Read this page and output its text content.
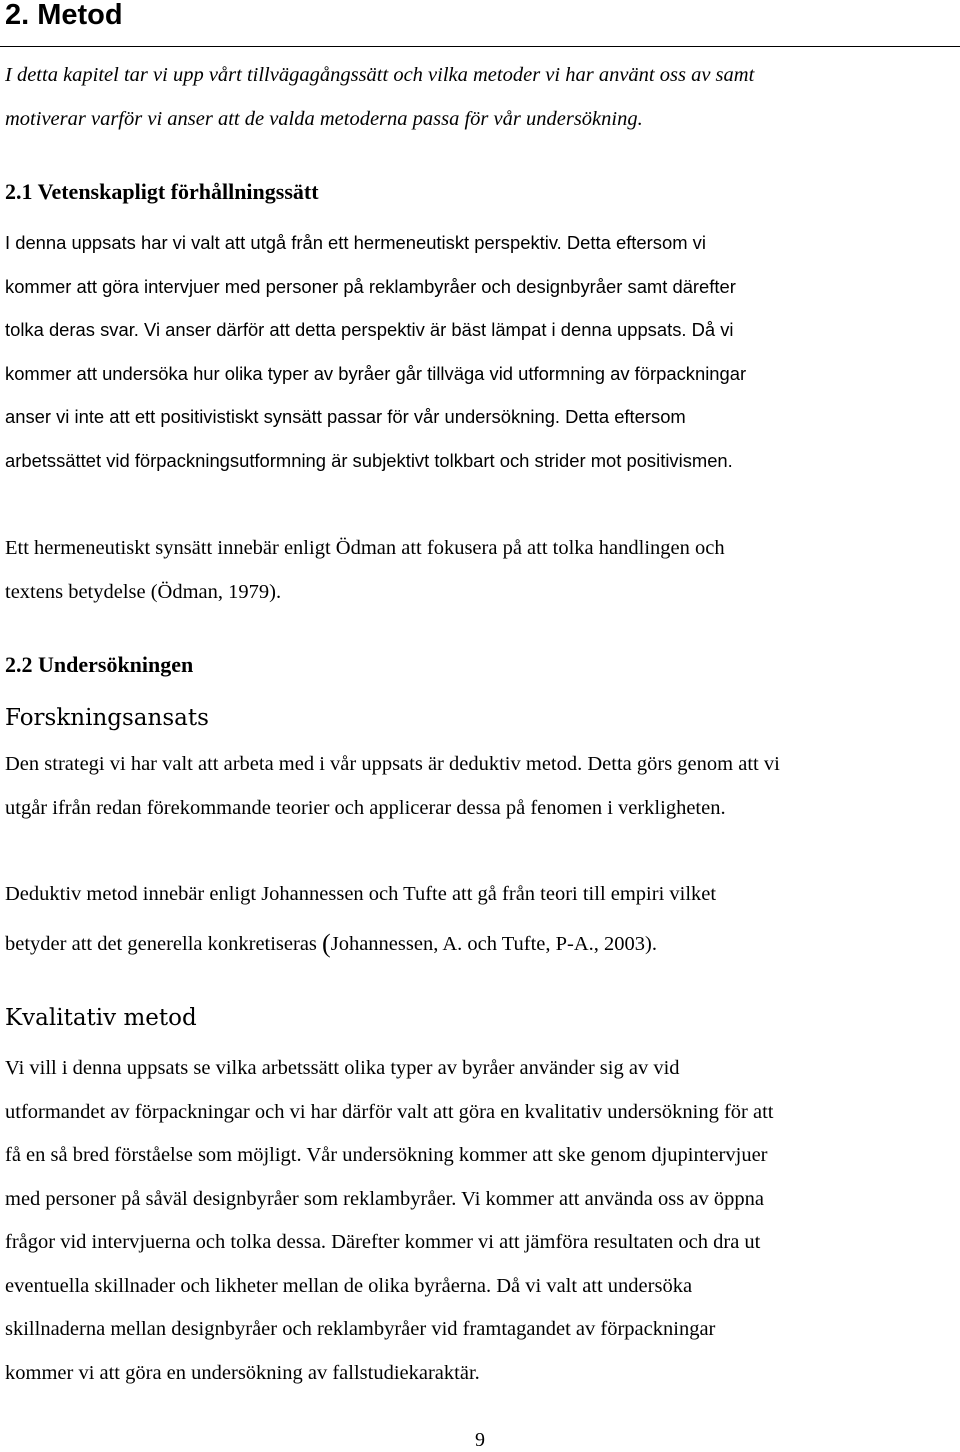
2. Metod
I detta kapitel tar vi upp vårt tillvägagångssätt och vilka metoder vi har använt oss av samt
motiverar varför vi anser att de valda metoderna passa för vår undersökning.
2.1 Vetenskapligt förhållningssätt
I denna uppsats har vi valt att utgå från ett hermeneutiskt perspektiv. Detta eftersom vi
kommer att göra intervjuer med personer på reklambyråer och designbyråer samt därefter
tolka deras svar. Vi anser därför att detta perspektiv är bäst lämpat i denna uppsats. Då vi
kommer att undersöka hur olika typer av byråer går tillväga vid utformning av förpackningar
anser vi inte att ett positivistiskt synsätt passar för vår undersökning. Detta eftersom
arbetssättet vid förpackningsutformning är subjektivt tolkbart och strider mot positivismen.
Ett hermeneutiskt synsätt innebär enligt Ödman att fokusera på att tolka handlingen och
textens betydelse (Ödman, 1979).
2.2 Undersökningen
Forskningsansats
Den strategi vi har valt att arbeta med i vår uppsats är deduktiv metod. Detta görs genom att vi
utgår ifrån redan förekommande teorier och applicerar dessa på fenomen i verkligheten.
Deduktiv metod innebär enligt Johannessen och Tufte att gå från teori till empiri vilket
betyder att det generella konkretiseras (Johannessen, A. och Tufte, P-A., 2003).
Kvalitativ metod
Vi vill i denna uppsats se vilka arbetssätt olika typer av byråer använder sig av vid
utformandet av förpackningar och vi har därför valt att göra en kvalitativ undersökning för att
få en så bred förståelse som möjligt. Vår undersökning kommer att ske genom djupintervjuer
med personer på såväl designbyråer som reklambyråer. Vi kommer att använda oss av öppna
frågor vid intervjuerna och tolka dessa. Därefter kommer vi att jämföra resultaten och dra ut
eventuella skillnader och likheter mellan de olika byråerna. Då vi valt att undersöka
skillnaderna mellan designbyråer och reklambyråer vid framtagandet av förpackningar
kommer vi att göra en undersökning av fallstudiekaraktär.
9
